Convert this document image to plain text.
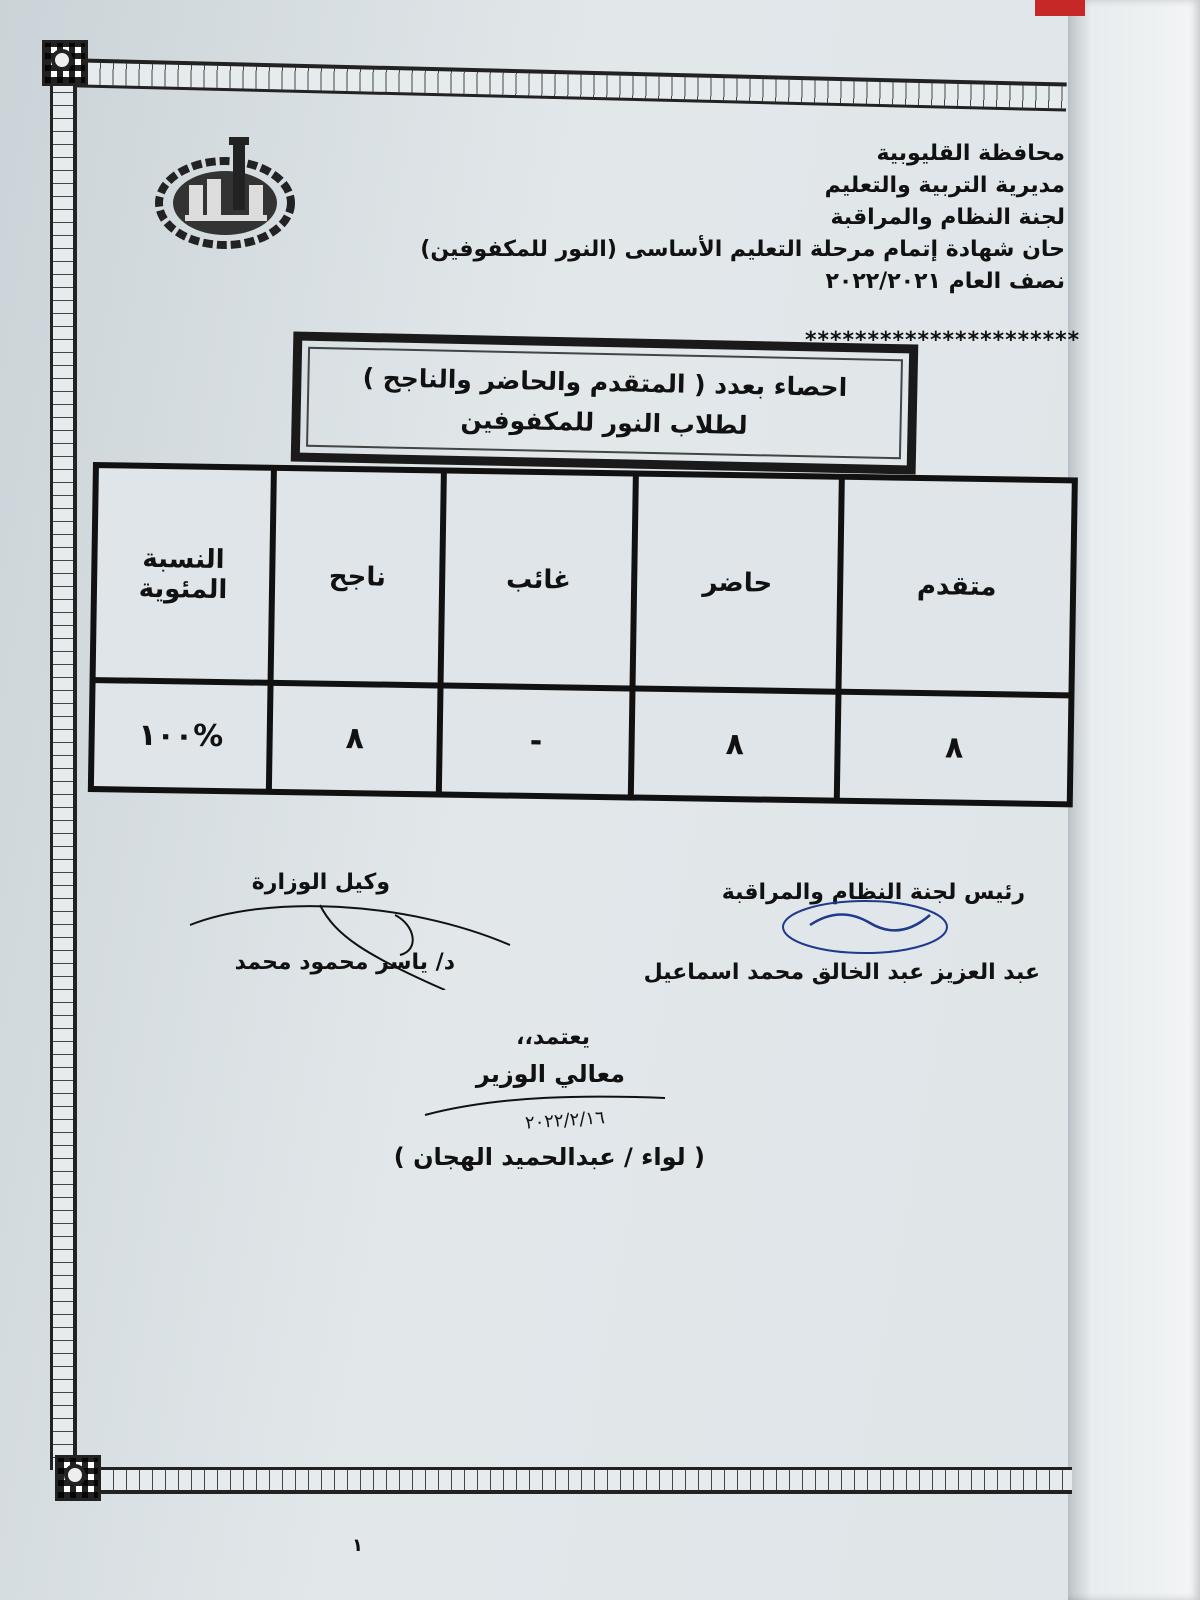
محافظة القليوبية
مديرية التربية والتعليم
لجنة النظام والمراقبة
حان شهادة إتمام مرحلة التعليم الأساسى (النور للمكفوفين)
نصف العام ٢٠٢٢/٢٠٢١
**********************
احصاء بعدد ( المتقدم والحاضر والناجح )
لطلاب النور للمكفوفين
متقدم	حاضر	غائب	ناجح	النسبة المئوية
٨	٨	-	٨	%١٠٠
رئيس لجنة النظام والمراقبة
عبد العزيز عبد الخالق محمد اسماعيل
وكيل الوزارة
د/ ياسر محمود محمد
يعتمد،،
معالي الوزير
٢٠٢٢/٢/١٦
( لواء / عبدالحميد الهجان )
١
